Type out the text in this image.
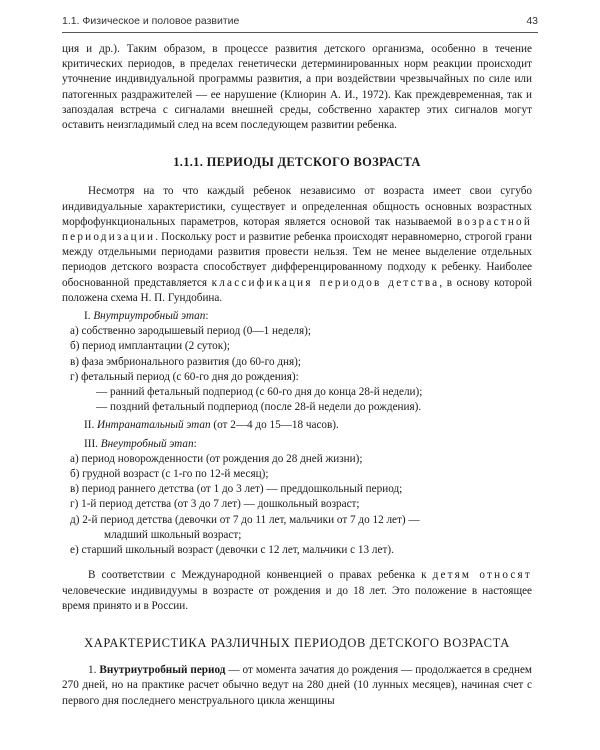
1.1. Физическое и половое развитие	43

ция и др.). Таким образом, в процессе развития детского организма, особенно в течение критических периодов, в пределах генетически детерминированных норм реакции происходит уточнение индивидуальной программы развития, а при воздействии чрезвычайных по силе или патогенных раздражителей — ее нарушение (Клиорин А. И., 1972). Как преждевременная, так и запоздалая встреча с сигналами внешней среды, собственно характер этих сигналов могут оставить неизгладимый след на всем последующем развитии ребенка.

1.1.1. ПЕРИОДЫ ДЕТСКОГО ВОЗРАСТА

Несмотря на то что каждый ребенок независимо от возраста имеет свои сугубо индивидуальные характеристики, существует и определенная общность основных возрастных морфофункциональных параметров, которая является основой так называемой возрастной периодизации. Поскольку рост и развитие ребенка происходят неравномерно, строгой грани между отдельными периодами развития провести нельзя. Тем не менее выделение отдельных периодов детского возраста способствует дифференцированному подходу к ребенку. Наиболее обоснованной представляется классификация периодов детства, в основу которой положена схема Н. П. Гундобина.

I. Внутриутробный этап:
а) собственно зародышевый период (0—1 неделя);
б) период имплантации (2 суток);
в) фаза эмбрионального развития (до 60-го дня);
г) фетальный период (с 60-го дня до рождения):
— ранний фетальный подпериод (с 60-го дня до конца 28-й недели);
— поздний фетальный подпериод (после 28-й недели до рождения).
II. Интранатальный этап (от 2—4 до 15—18 часов).
III. Внеутробный этап:
а) период новорожденности (от рождения до 28 дней жизни);
б) грудной возраст (с 1-го по 12-й месяц);
в) период раннего детства (от 1 до 3 лет) — преддошкольный период;
г) 1-й период детства (от 3 до 7 лет) — дошкольный возраст;
д) 2-й период детства (девочки от 7 до 11 лет, мальчики от 7 до 12 лет) —
младший школьный возраст;
е) старший школьный возраст (девочки с 12 лет, мальчики с 13 лет).

В соответствии с Международной конвенцией о правах ребенка к детям относят человеческие индивидуумы в возрасте от рождения и до 18 лет. Это положение в настоящее время принято и в России.

ХАРАКТЕРИСТИКА РАЗЛИЧНЫХ ПЕРИОДОВ ДЕТСКОГО ВОЗРАСТА

1. Внутриутробный период — от момента зачатия до рождения — продолжается в среднем 270 дней, но на практике расчет обычно ведут на 280 дней (10 лунных месяцев), начиная счет с первого дня последнего менструального цикла женщины
